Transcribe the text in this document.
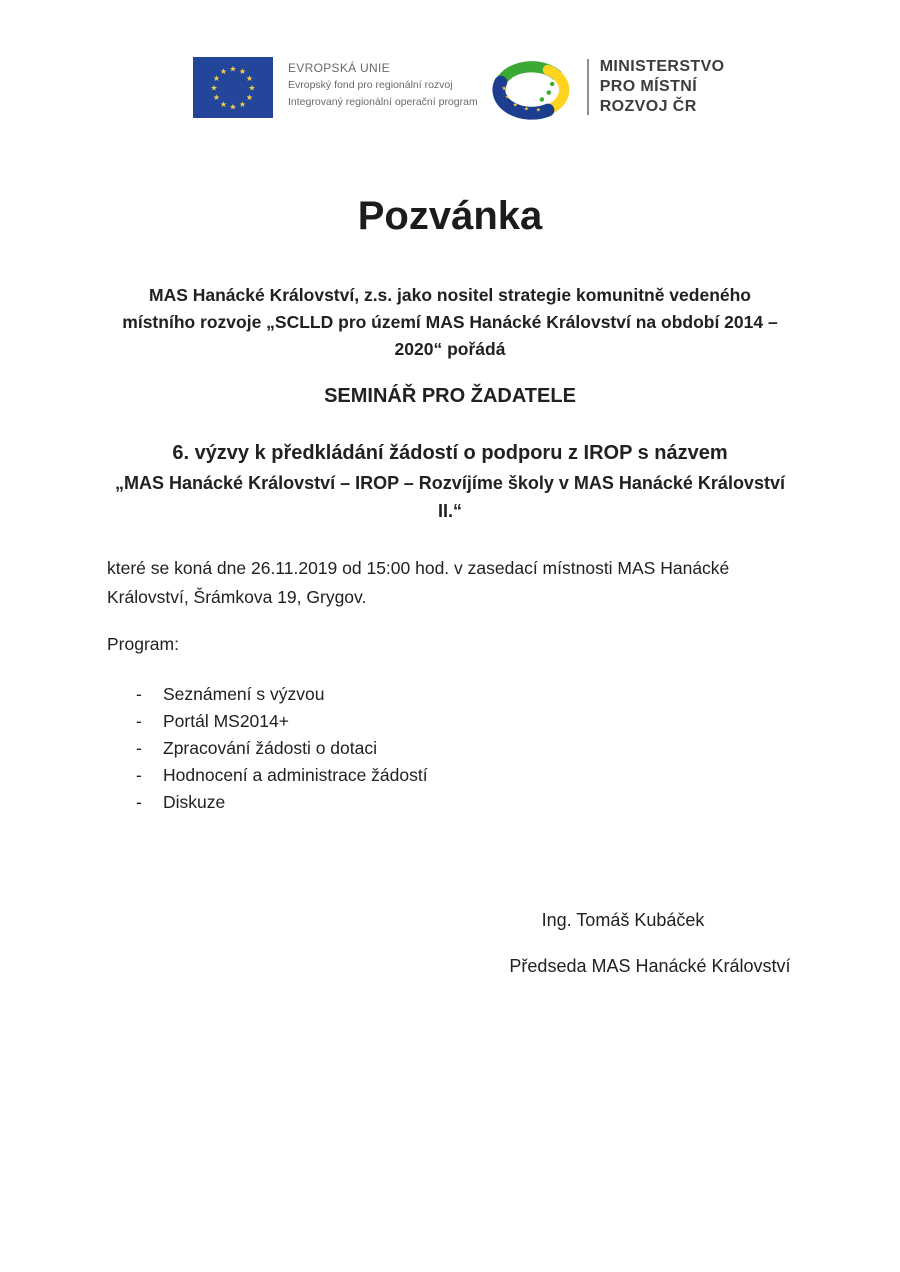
★ ★
★
★
★
★
★
★
★
★
★
★	EVROPSKÁ UNIE
Evropský fond pro regionální rozvoj
Integrovaný regionální operační program
★
★
★
★ ★
MINISTERSTVO
PRO MÍSTNÍ
ROZVOJ ČR
Pozvánka
MAS Hanácké Království, z.s. jako nositel strategie komunitně vedeného
místního rozvoje „SCLLD pro území MAS Hanácké Království na období 2014 –
2020“ pořádá
SEMINÁŘ PRO ŽADATELE
6. výzvy k předkládání žádostí o podporu z IROP s názvem
„MAS Hanácké Království – IROP – Rozvíjíme školy v MAS Hanácké Království
II.“
které se koná dne 26.11.2019 od 15:00 hod. v zasedací místnosti MAS Hanácké
Království, Šrámkova 19, Grygov.
Program:
-	Seznámení s výzvou
-	Portál MS2014+
-	Zpracování žádosti o dotaci
-	Hodnocení a administrace žádostí
-	Diskuze
Ing. Tomáš Kubáček
Předseda MAS Hanácké Království
